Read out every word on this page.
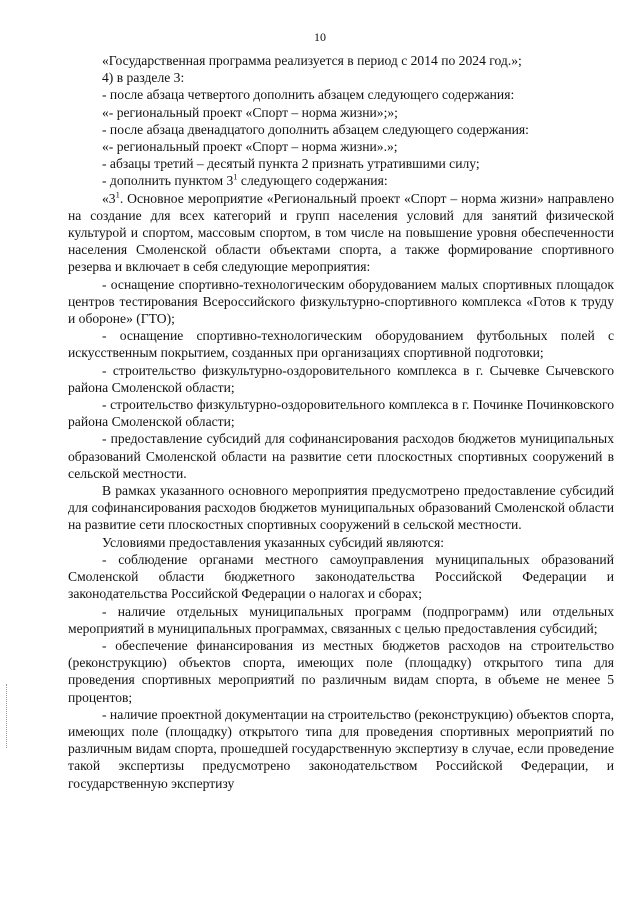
10

«Государственная программа реализуется в период с 2014 по 2024 год.»;

4) в разделе 3:

- после абзаца четвертого дополнить абзацем следующего содержания:

«- региональный проект «Спорт – норма жизни»;»;

- после абзаца двенадцатого дополнить абзацем следующего содержания:

«- региональный проект «Спорт – норма жизни».»;

- абзацы третий – десятый пункта 2 признать утратившими силу;

- дополнить пунктом $3^1$ следующего содержания:

«$3^1$. Основное мероприятие «Региональный проект «Спорт – норма жизни» направлено на создание для всех категорий и групп населения условий для занятий физической культурой и спортом, массовым спортом, в том числе на повышение уровня обеспеченности населения Смоленской области объектами спорта, а также формирование спортивного резерва и включает в себя следующие мероприятия:

- оснащение спортивно-технологическим оборудованием малых спортивных площадок центров тестирования Всероссийского физкультурно-спортивного комплекса «Готов к труду и обороне» (ГТО);

- оснащение спортивно-технологическим оборудованием футбольных полей с искусственным покрытием, созданных при организациях спортивной подготовки;

- строительство физкультурно-оздоровительного комплекса в г. Сычевке Сычевского района Смоленской области;

- строительство физкультурно-оздоровительного комплекса в г. Починке Починковского района Смоленской области;

- предоставление субсидий для софинансирования расходов бюджетов муниципальных образований Смоленской области на развитие сети плоскостных спортивных сооружений в сельской местности.

В рамках указанного основного мероприятия предусмотрено предоставление субсидий для софинансирования расходов бюджетов муниципальных образований Смоленской области на развитие сети плоскостных спортивных сооружений в сельской местности.

Условиями предоставления указанных субсидий являются:

- соблюдение органами местного самоуправления муниципальных образований Смоленской области бюджетного законодательства Российской Федерации и законодательства Российской Федерации о налогах и сборах;

- наличие отдельных муниципальных программ (подпрограмм) или отдельных мероприятий в муниципальных программах, связанных с целью предоставления субсидий;

- обеспечение финансирования из местных бюджетов расходов на строительство (реконструкцию) объектов спорта, имеющих поле (площадку) открытого типа для проведения спортивных мероприятий по различным видам спорта, в объеме не менее 5 процентов;

- наличие проектной документации на строительство (реконструкцию) объектов спорта, имеющих поле (площадку) открытого типа для проведения спортивных мероприятий по различным видам спорта, прошедшей государственную экспертизу в случае, если проведение такой экспертизы предусмотрено законодательством Российской Федерации, и государственную экспертизу
